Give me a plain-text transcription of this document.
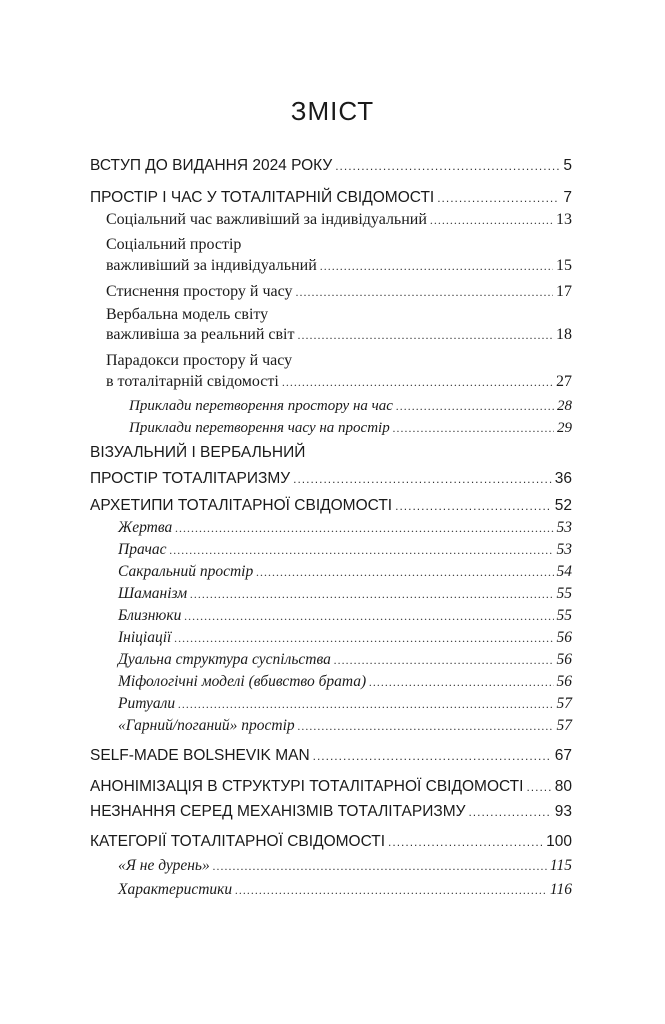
ЗМІСТ
ВСТУП ДО ВИДАННЯ 2024 РОКУ .....	5
ПРОСТІР І ЧАС У ТОТАЛІТАРНІЙ СВІДОМОСТІ .....	7
Соціальний час важливіший за індивідуальний .....	13
Соціальний простір
важливіший за індивідуальний .....	15
Стиснення простору й часу .....	17
Вербальна модель світу
важливіша за реальний світ .....	18
Парадокси простору й часу
в тоталітарній свідомості .....	27
Приклади перетворення простору на час .....	28
Приклади перетворення часу на простір .....	29
ВІЗУАЛЬНИЙ І ВЕРБАЛЬНИЙ
ПРОСТІР ТОТАЛІТАРИЗМУ .....	36
АРХЕТИПИ ТОТАЛІТАРНОЇ СВІДОМОСТІ .....	52
Жертва .....	53
Прачас .....	53
Сакральний простір .....	54
Шаманізм .....	55
Близнюки .....	55
Ініціації .....	56
Дуальна структура суспільства .....	56
Міфологічні моделі (вбивство брата) .....	56
Ритуали .....	57
«Гарний/поганий» простір .....	57
SELF-MADE BOLSHEVIK MAN .....	67
АНОНІМІЗАЦІЯ В СТРУКТУРІ ТОТАЛІТАРНОЇ СВІДОМОСТІ ..... 80
НЕЗНАННЯ СЕРЕД МЕХАНІЗМІВ ТОТАЛІТАРИЗМУ .....	93
КАТЕГОРІЇ ТОТАЛІТАРНОЇ СВІДОМОСТІ .....	100
«Я не дурень» .....	115
Характеристики .....	116
